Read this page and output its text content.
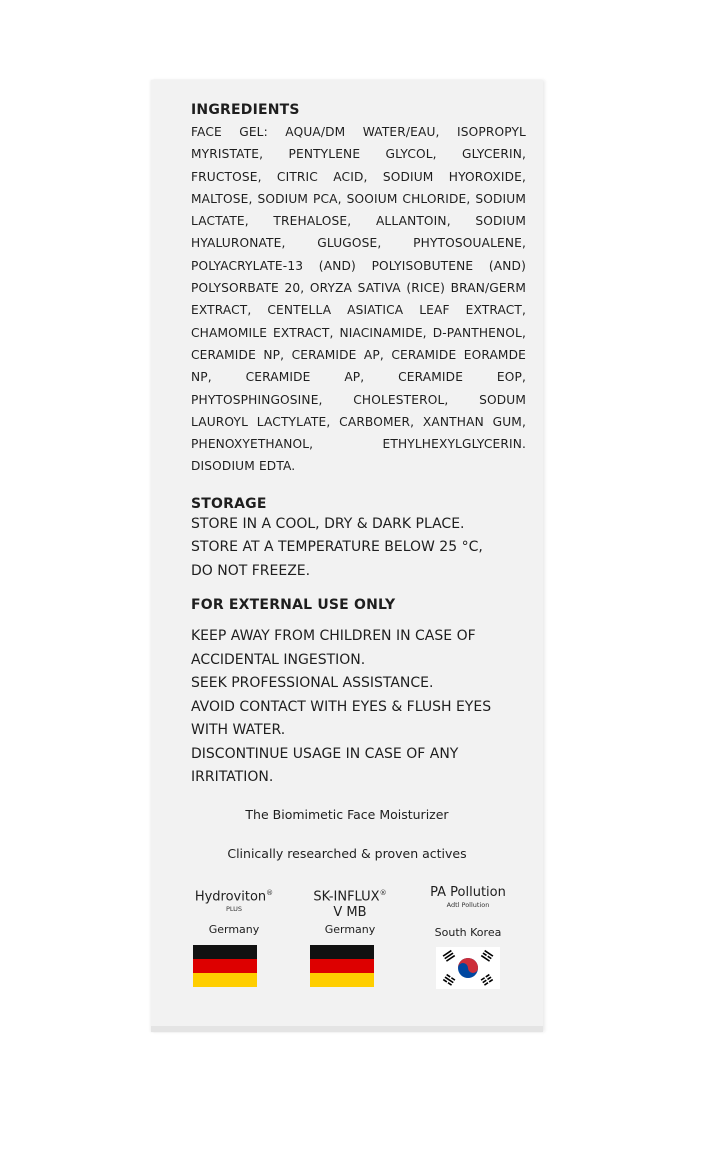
INGREDIENTS

FACE GEL: AQUA/DM WATER/EAU, ISOPROPYL MYRISTATE, PENTYLENE GLYCOL, GLYCERIN, FRUCTOSE, CITRIC ACID, SODIUM HYOROXIDE, MALTOSE, SODIUM PCA, SOOIUM CHLORIDE, SODIUM LACTATE, TREHALOSE, ALLANTOIN, SODIUM HYALURONATE, GLUGOSE, PHYTOSOUALENE, POLYACRYLATE-13 (AND) POLYISOBUTENE (AND) POLYSORBATE 20, ORYZA SATIVA (RICE) BRAN/GERM EXTRACT, CENTELLA ASIATICA LEAF EXTRACT, CHAMOMILE EXTRACT, NIACINAMIDE, D-PANTHENOL, CERAMIDE NP, CERAMIDE AP, CERAMIDE EORAMDE NP, CERAMIDE AP, CERAMIDE EOP, PHYTOSPHINGOSINE, CHOLESTEROL, SODUM LAUROYL LACTYLATE, CARBOMER, XANTHAN GUM, PHENOXYETHANOL, ETHYLHEXYLGLYCERIN. DISODIUM EDTA.

STORAGE
STORE IN A COOL, DRY & DARK PLACE.
STORE AT A TEMPERATURE BELOW 25 °C,
DO NOT FREEZE.
FOR EXTERNAL USE ONLY
KEEP AWAY FROM CHILDREN IN CASE OF
ACCIDENTAL INGESTION.
SEEK PROFESSIONAL ASSISTANCE.
AVOID CONTACT WITH EYES & FLUSH EYES
WITH WATER.
DISCONTINUE USAGE IN CASE OF ANY
IRRITATION.
The Biomimetic Face Moisturizer
Clinically researched & proven actives
Hydroviton®
PLUS
Germany
SK-INFLUX®
V MB
Germany
PA Pollution
Adtl Pollution
South Korea
